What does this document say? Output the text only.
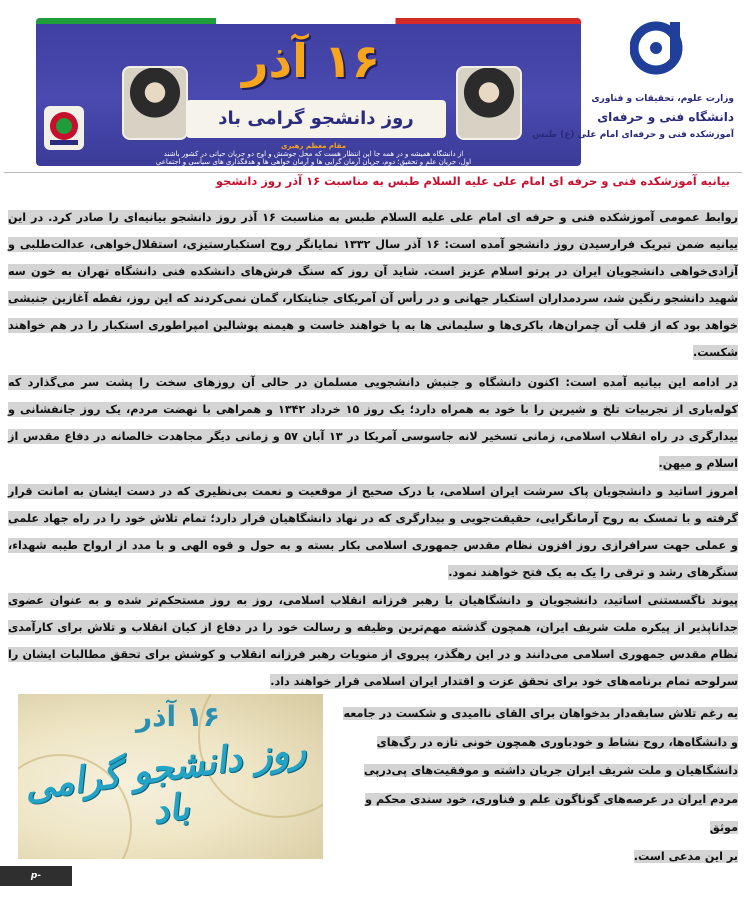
۱۶ آذر
روز دانشجو گرامی باد
مقام معظم رهبری
از دانشگاه همیشه و در همه جا این انتظار هست که محل جوشش و اوج دو جریان حیاتی در کشور باشند
اول، جریان علم و تحقیق؛ دوم، جریان آرمان گرایی ها و آرمان خواهی ها و هدفگذاری های سیاسی و اجتماعی
وزارت علوم، تحقیقات و فناوری
دانشگاه فنی و حرفه‌ای
آموزشکده فنی و حرفه‌ای امام علی (ع) طبس
بیانیه آموزشکده فنی و حرفه ای امام علی علیه السلام طبس به مناسبت ۱۶ آذر روز دانشجو
روابط عمومی آموزشکده فنی و حرفه ای امام علی علیه السلام طبس به مناسبت ۱۶ آذر روز دانشجو بیانیه‌ای را صادر کرد. در این بیانیه ضمن تبریک فرارسیدن روز دانشجو آمده است: ۱۶ آذر سال ۱۳۳۲ نمایانگر روح استکبارستیزی، استقلال‌خواهی، عدالت‌طلبی و آزادی‌خواهی دانشجویان ایران در پرتو اسلام عزیز است. شاید آن روز که سنگ فرش‌های دانشکده فنی دانشگاه تهران به خون سه شهید دانشجو رنگین شد، سردمداران استکبار جهانی و در رأس آن آمریکای جنایتکار، گمان نمی‌کردند که این روز، نقطه آغازین جنبشی خواهد بود که از قلب آن چمران‌ها، باکری‌ها و سلیمانی ها به پا خواهند خاست و هیمنه پوشالین امپراطوری استکبار را در هم خواهند شکست.
در ادامه این بیانیه آمده است: اکنون دانشگاه و جنبش دانشجویی مسلمان در حالی آن روزهای سخت را پشت سر می‌گذارد که کوله‌باری از تجربیات تلخ و شیرین را با خود به همراه دارد؛ یک روز ۱۵ خرداد ۱۳۴۲ و همراهی با نهضت مردم، یک روز جانفشانی و بیدارگری در راه انقلاب اسلامی، زمانی تسخیر لانه جاسوسی آمریکا در ۱۳ آبان ۵۷ و زمانی دیگر مجاهدت خالصانه در دفاع مقدس از اسلام و میهن.
امروز اساتید و دانشجویان پاک سرشت ایران اسلامی، با درک صحیح از موقعیت و نعمت بی‌نظیری که در دست ایشان به امانت قرار گرفته و با تمسک به روح آرمانگرایی، حقیقت‌جویی و بیدارگری که در نهاد دانشگاهیان قرار دارد؛ تمام تلاش خود را در راه جهاد علمی و عملی جهت سرافرازی روز افزون نظام مقدس جمهوری اسلامی بکار بسته و به حول و قوه الهی و با مدد از ارواح طیبه شهداء، سنگرهای رشد و ترقی را یک به یک فتح خواهند نمود.
پیوند ناگسستنی اساتید، دانشجویان و دانشگاهیان با رهبر فرزانه انقلاب اسلامی، روز به روز مستحکم‌تر شده و به عنوان عضوی جداناپذیر از پیکره ملت شریف ایران، همچون گذشته مهم‌ترین وظیفه و رسالت خود را در دفاع از کیان انقلاب و تلاش برای کارآمدی نظام مقدس جمهوری اسلامی می‌دانند و در این رهگذر، پیروی از منویات رهبر فرزانه انقلاب و کوشش برای تحقق مطالبات ایشان را سرلوحه تمام برنامه‌های خود برای تحقق عزت و اقتدار ایران اسلامی قرار خواهند داد.
۱۶ آذر
روز دانشجو گرامی باد
به رغم تلاش سابقه‌دار بدخواهان برای القای ناامیدی و شکست در جامعه
و دانشگاه‌ها، روح نشاط و خودباوری همچون خونی تازه در رگ‌های
دانشگاهیان و ملت شریف ایران جریان داشته و موفقیت‌های پی‌درپی
مردم ایران در عرصه‌های گوناگون علم و فناوری، خود سندی محکم و موثق
بر این مدعی است.
p-tabas.tvu.ac.ir
